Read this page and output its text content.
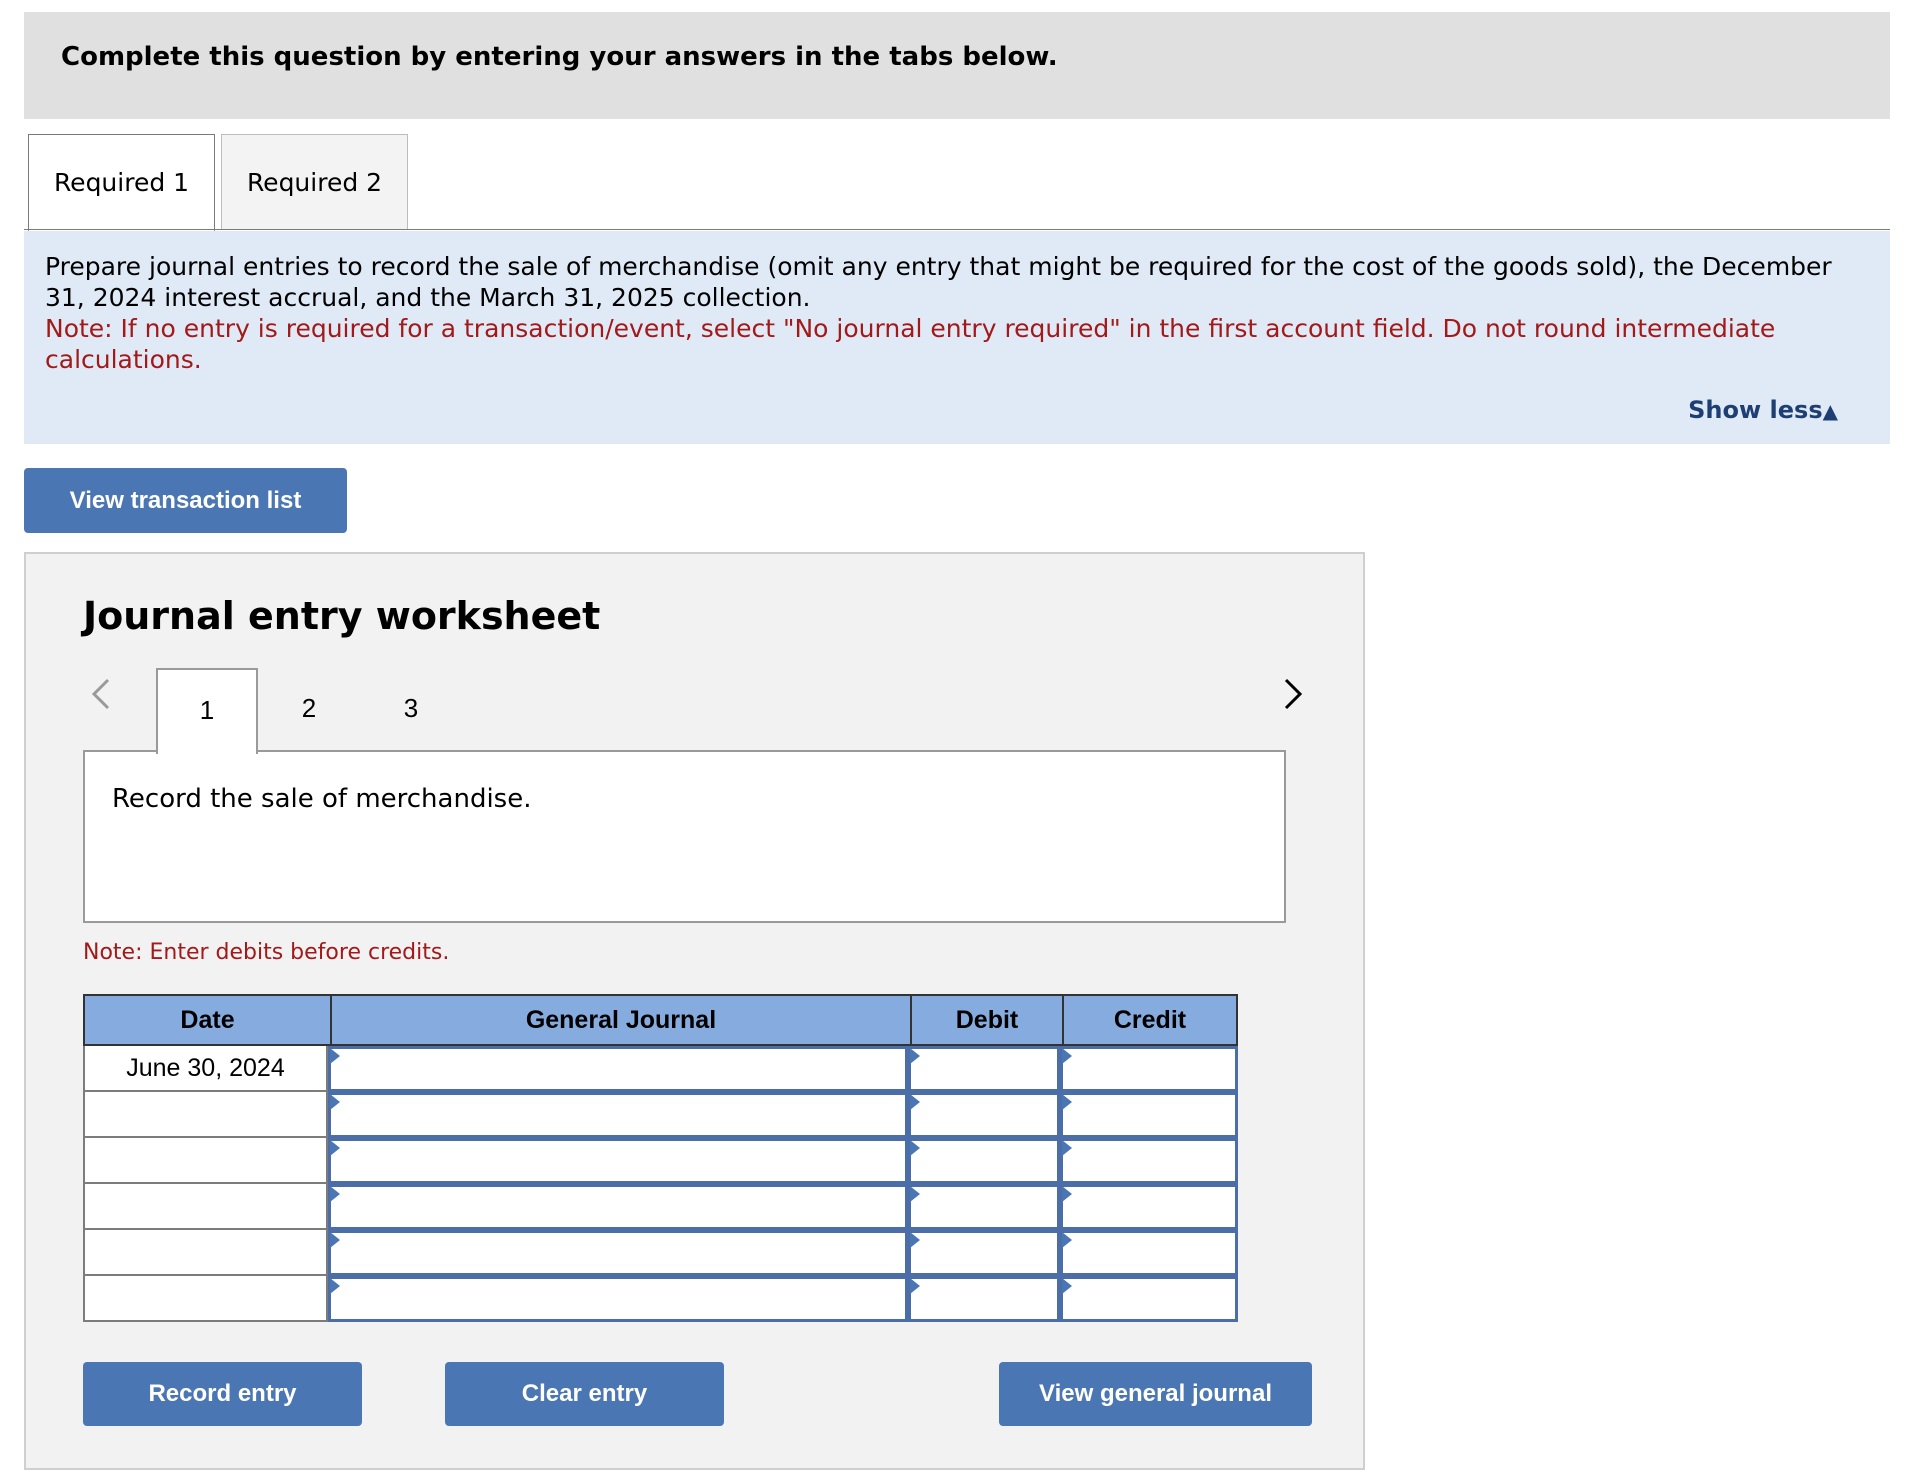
Complete this question by entering your answers in the tabs below.
Required 1	Required 2
Prepare journal entries to record the sale of merchandise (omit any entry that might be required for the cost of the goods sold), the December 31, 2024 interest accrual, and the March 31, 2025 collection.
Note: If no entry is required for a transaction/event, select "No journal entry required" in the first account field. Do not round intermediate calculations.
Show less▲
View transaction list
Journal entry worksheet
1	2	3
Record the sale of merchandise.
Note: Enter debits before credits.
Date	General Journal	Debit	Credit
June 30, 2024
Record entry	Clear entry	View general journal
